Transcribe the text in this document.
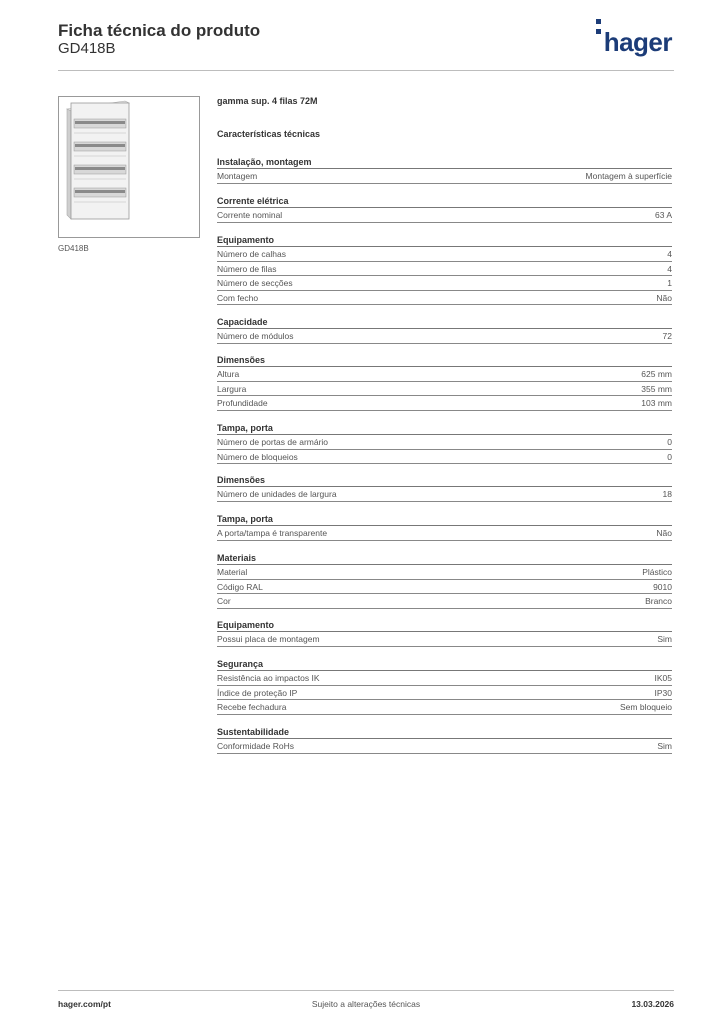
Ficha técnica do produto
GD418B	hager
GD418B
gamma sup. 4 filas 72M
Características técnicas
Instalação, montagem
Montagem	Montagem à superfície
Corrente elétrica
Corrente nominal	63 A
Equipamento
Número de calhas	4
Número de filas	4
Número de secções	1
Com fecho	Não
Capacidade
Número de módulos	72
Dimensões
Altura	625 mm
Largura	355 mm
Profundidade	103 mm
Tampa, porta
Número de portas de armário	0
Número de bloqueios	0
Dimensões
Número de unidades de largura	18
Tampa, porta
A porta/tampa é transparente	Não
Materiais
Material	Plástico
Código RAL	9010
Cor	Branco
Equipamento
Possui placa de montagem	Sim
Segurança
Resistência ao impactos IK	IK05
Índice de proteção IP	IP30
Recebe fechadura	Sem bloqueio
Sustentabilidade
Conformidade RoHs	Sim
hager.com/pt	Sujeito a alterações técnicas	13.03.2026
